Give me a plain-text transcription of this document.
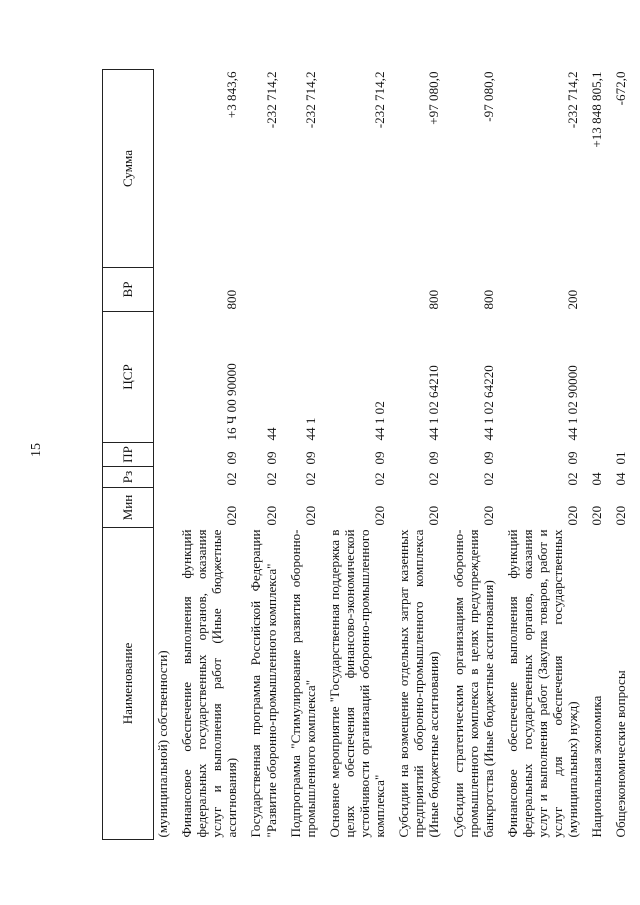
15
Наименование	Мин	Рз	ПР	ЦСР	ВР	Сумма
(муниципальной) собственности)						

Финансовое обеспечение выполнения функций федеральных государственных органов, оказания услуг и выполнения работ (Иные бюджетные ассигнования)	020	02	09	16 Ч 00 90000	800	+3 843,6

Государственная программа Российской Федерации "Развитие оборонно-промышленного комплекса"	020	02	09	44		-232 714,2

Подпрограмма "Стимулирование развития оборонно-промышленного комплекса"	020	02	09	44 1		-232 714,2

Основное мероприятие "Государственная поддержка в целях обеспечения финансово-экономической устойчивости организаций оборонно-промышленного комплекса"	020	02	09	44 1 02		-232 714,2

Субсидии на возмещение отдельных затрат казенных предприятий оборонно-промышленного комплекса (Иные бюджетные ассигнования)	020	02	09	44 1 02 64210	800	+97 080,0

Субсидии стратегическим организациям оборонно-промышленного комплекса в целях предупреждения банкротства (Иные бюджетные ассигнования)	020	02	09	44 1 02 64220	800	-97 080,0

Финансовое обеспечение выполнения функций федеральных государственных органов, оказания услуг и выполнения работ (Закупка товаров, работ и услуг для обеспечения государственных (муниципальных) нужд)	020	02	09	44 1 02 90000	200	-232 714,2

Национальная экономика	020	04				+13 848 805,1

Общеэкономические вопросы	020	04	01			-672,0
